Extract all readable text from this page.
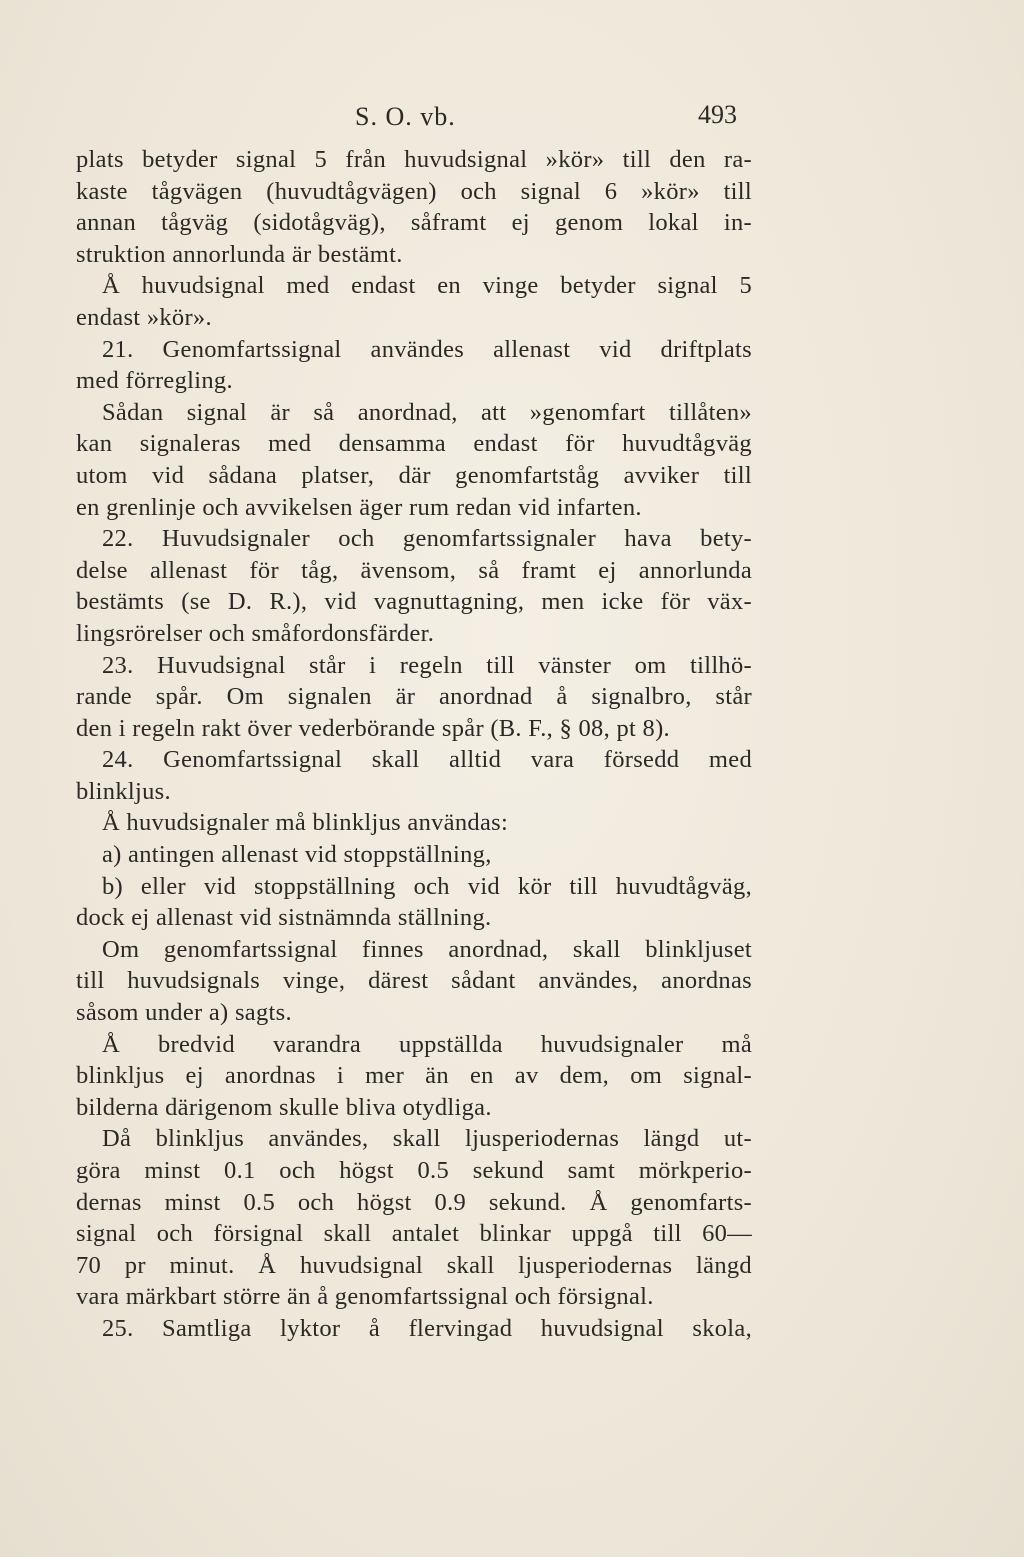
S. O. vb.	493
plats betyder signal 5 från huvudsignal »kör» till den ra-
kaste tågvägen (huvudtågvägen) och signal 6 »kör» till
annan tågväg (sidotågväg), såframt ej genom lokal in-
struktion annorlunda är bestämt.
Å huvudsignal med endast en vinge betyder signal 5
endast »kör».
21. Genomfartssignal användes allenast vid driftplats
med förregling.
Sådan signal är så anordnad, att »genomfart tillåten»
kan signaleras med densamma endast för huvudtågväg
utom vid sådana platser, där genomfartståg avviker till
en grenlinje och avvikelsen äger rum redan vid infarten.
22. Huvudsignaler och genomfartssignaler hava bety-
delse allenast för tåg, ävensom, så framt ej annorlunda
bestämts (se D. R.), vid vagnuttagning, men icke för väx-
lingsrörelser och småfordonsfärder.
23. Huvudsignal står i regeln till vänster om tillhö-
rande spår. Om signalen är anordnad å signalbro, står
den i regeln rakt över vederbörande spår (B. F., § 08, pt 8).
24. Genomfartssignal skall alltid vara försedd med
blinkljus.
Å huvudsignaler må blinkljus användas:
a) antingen allenast vid stoppställning,
b) eller vid stoppställning och vid kör till huvudtågväg,
dock ej allenast vid sistnämnda ställning.
Om genomfartssignal finnes anordnad, skall blinkljuset
till huvudsignals vinge, därest sådant användes, anordnas
såsom under a) sagts.
Å bredvid varandra uppställda huvudsignaler må
blinkljus ej anordnas i mer än en av dem, om signal-
bilderna därigenom skulle bliva otydliga.
Då blinkljus användes, skall ljusperiodernas längd ut-
göra minst 0.1 och högst 0.5 sekund samt mörkperio-
dernas minst 0.5 och högst 0.9 sekund. Å genomfarts-
signal och försignal skall antalet blinkar uppgå till 60—
70 pr minut. Å huvudsignal skall ljusperiodernas längd
vara märkbart större än å genomfartssignal och försignal.
25. Samtliga lyktor å flervingad huvudsignal skola,
